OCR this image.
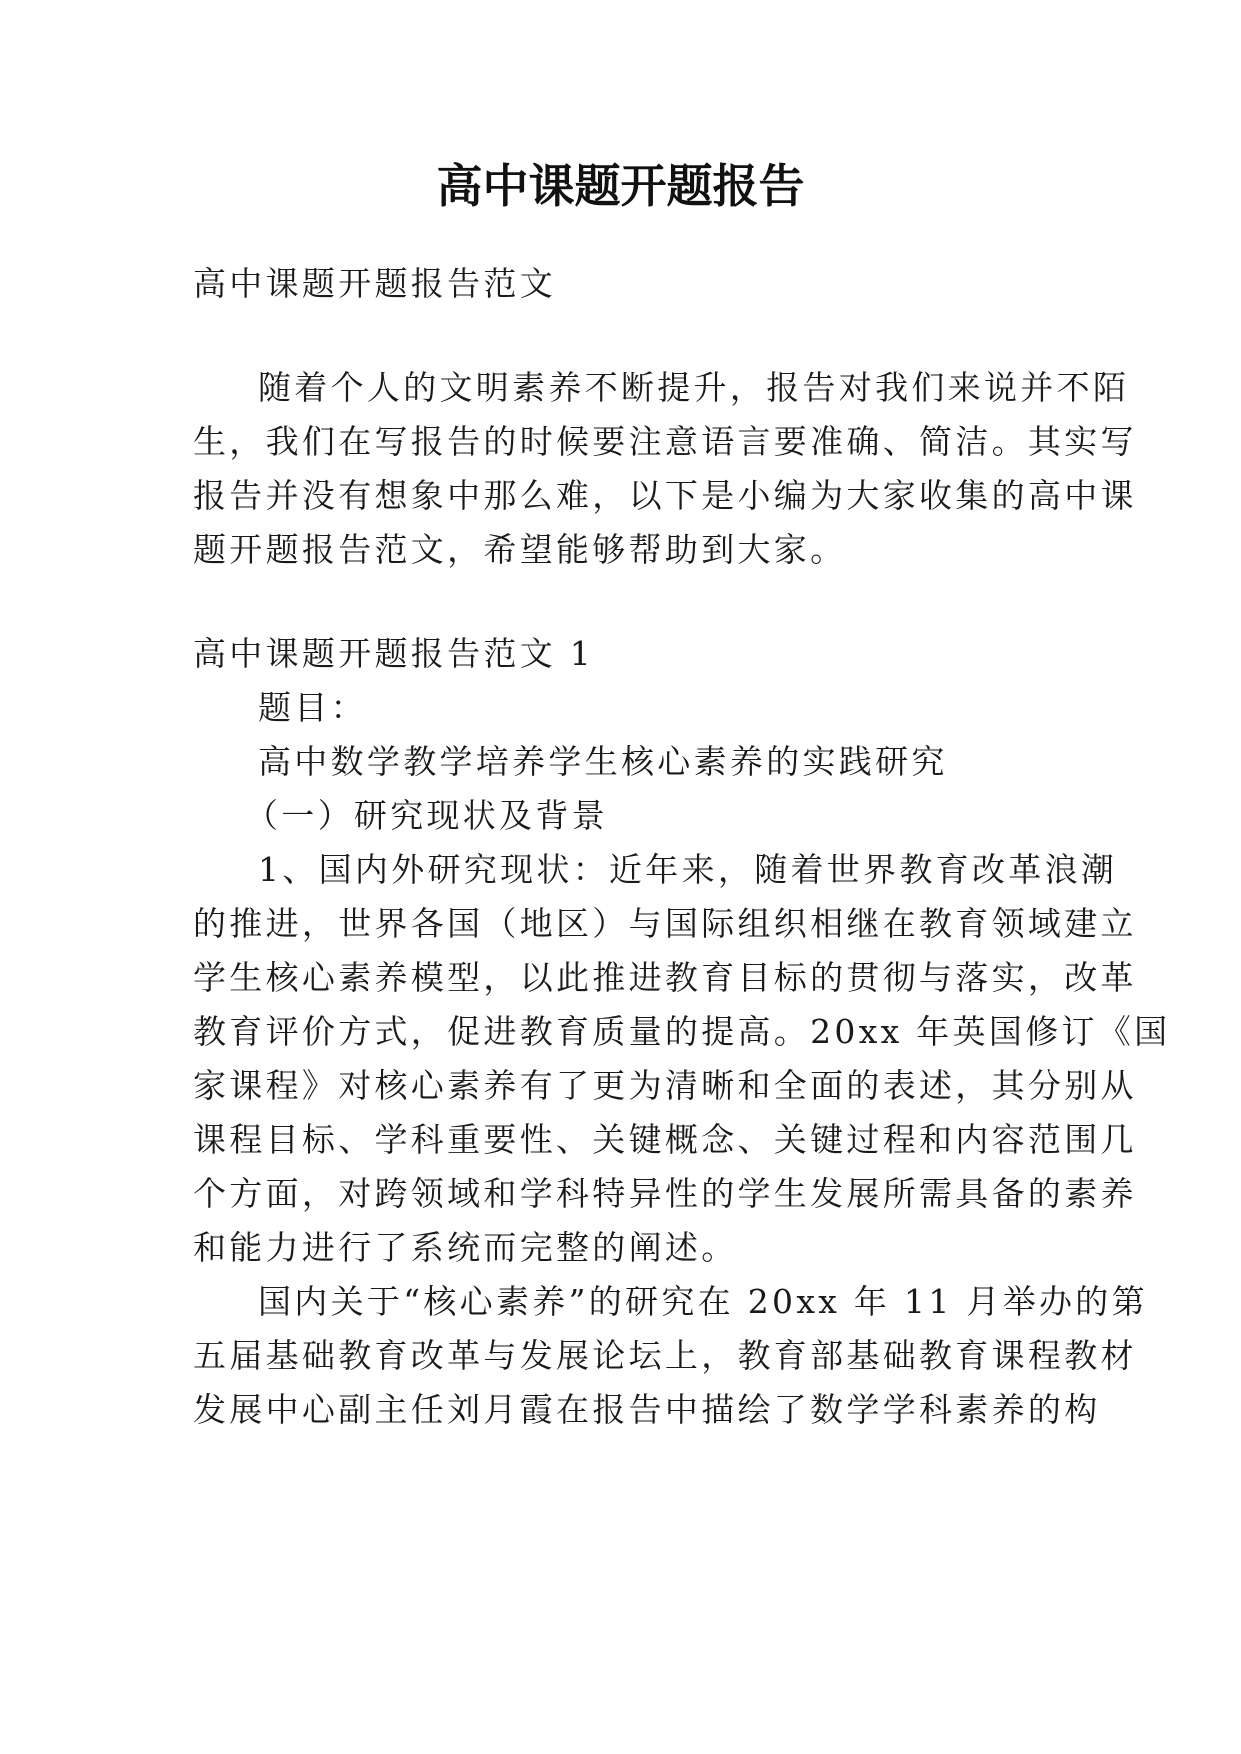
高中课题开题报告
高中课题开题报告范文
随着个人的文明素养不断提升，报告对我们来说并不陌
生，我们在写报告的时候要注意语言要准确、简洁。其实写
报告并没有想象中那么难，以下是小编为大家收集的高中课
题开题报告范文，希望能够帮助到大家。
高中课题开题报告范文 1
题目：
高中数学教学培养学生核心素养的实践研究
（一）研究现状及背景
1、国内外研究现状：近年来，随着世界教育改革浪潮
的推进，世界各国（地区）与国际组织相继在教育领域建立
学生核心素养模型，以此推进教育目标的贯彻与落实，改革
教育评价方式，促进教育质量的提高。20xx 年英国修订《国
家课程》对核心素养有了更为清晰和全面的表述，其分别从
课程目标、学科重要性、关键概念、关键过程和内容范围几
个方面，对跨领域和学科特异性的学生发展所需具备的素养
和能力进行了系统而完整的阐述。
国内关于“核心素养”的研究在 20xx 年 11 月举办的第
五届基础教育改革与发展论坛上，教育部基础教育课程教材
发展中心副主任刘月霞在报告中描绘了数学学科素养的构
